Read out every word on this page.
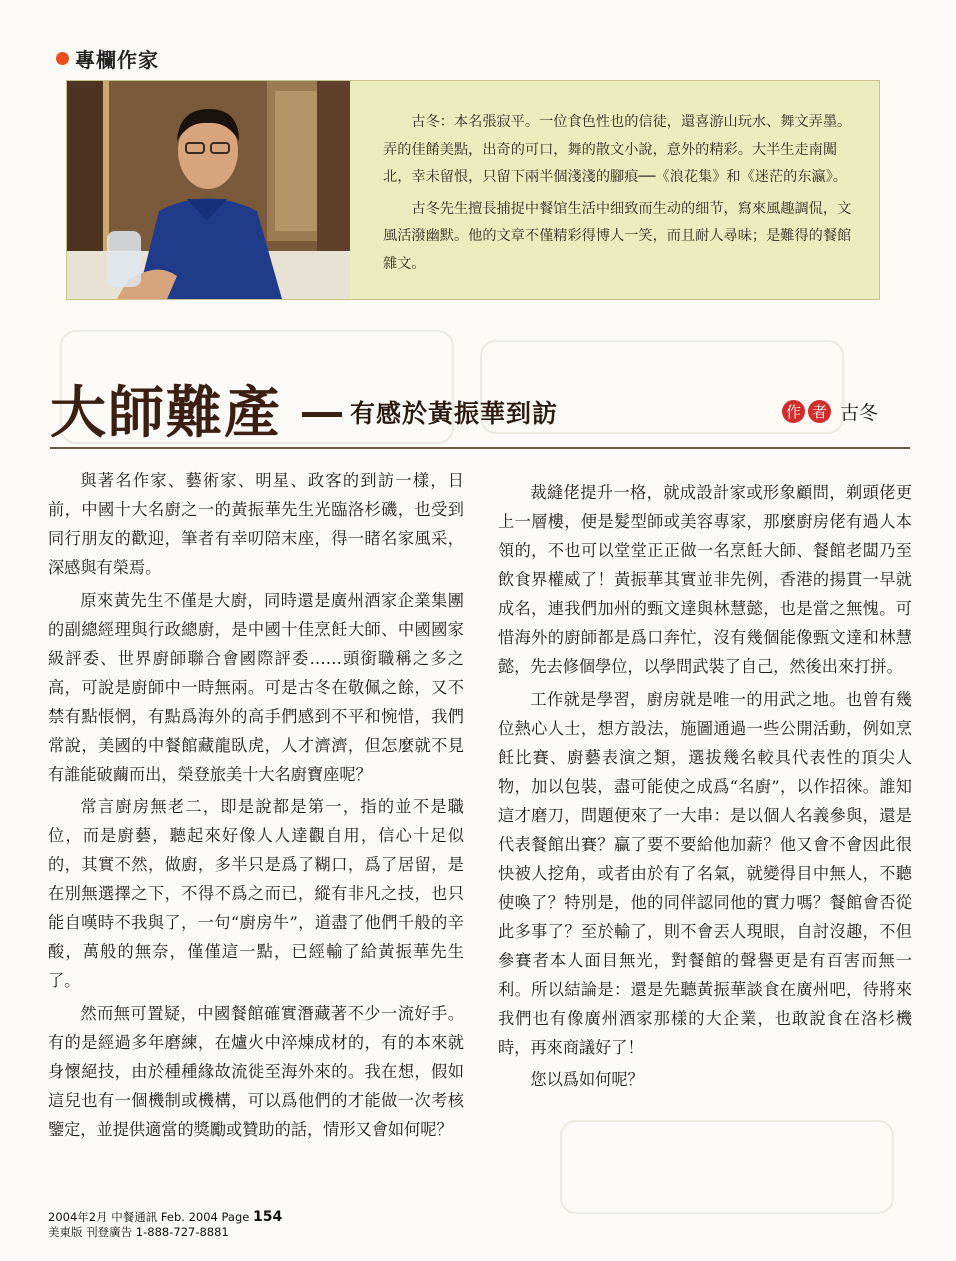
專欄作家

古冬：本名張寂平。一位食色性也的信徒，還喜游山玩水、舞文弄墨。弄的佳餚美點，出奇的可口，舞的散文小說，意外的精彩。大半生走南闖北，幸未留恨，只留下兩半個淺淺的腳痕──《浪花集》和《迷茫的东瀛》。

古冬先生擅長捕捉中餐馆生活中细致而生动的细节，寫來風趣調侃，文風活潑幽默。他的文章不僅精彩得博人一笑，而且耐人尋味；是難得的餐館雜文。

大師難產	有感於黃振華到訪	作 者 古冬

與著名作家、藝術家、明星、政客的到訪一樣，日前，中國十大名廚之一的黃振華先生光臨洛杉磯，也受到同行朋友的歡迎，筆者有幸叨陪末座，得一睹名家風采，深感與有榮焉。

原來黃先生不僅是大廚，同時還是廣州酒家企業集團的副總經理與行政總廚，是中國十佳烹飪大師、中國國家級評委、世界廚師聯合會國際評委……頭銜職稱之多之高，可說是廚師中一時無兩。可是古冬在敬佩之餘，又不禁有點悵惘，有點爲海外的高手們感到不平和惋惜，我們常說，美國的中餐館藏龍臥虎，人才濟濟，但怎麼就不見有誰能破繭而出，榮登旅美十大名廚寶座呢？

常言廚房無老二，即是說都是第一，指的並不是職位，而是廚藝，聽起來好像人人達觀自用，信心十足似的，其實不然，做廚，多半只是爲了糊口，爲了居留，是在別無選擇之下，不得不爲之而已，縱有非凡之技，也只能自嘆時不我與了，一句“廚房牛”，道盡了他們千般的辛酸，萬般的無奈，僅僅這一點，已經輸了給黃振華先生了。

然而無可置疑，中國餐館確實潛藏著不少一流好手。有的是經過多年磨練，在爐火中淬煉成材的，有的本來就身懷絕技，由於種種緣故流徙至海外來的。我在想，假如這兒也有一個機制或機構，可以爲他們的才能做一次考核鑒定，並提供適當的獎勵或贊助的話，情形又會如何呢？

裁縫佬提升一格，就成設計家或形象顧問，剃頭佬更上一層樓，便是髮型師或美容專家，那麼廚房佬有過人本領的，不也可以堂堂正正做一名烹飪大師、餐館老闆乃至飲食界權威了！黃振華其實並非先例，香港的揚貫一早就成名，連我們加州的甄文達與林慧懿，也是當之無愧。可惜海外的廚師都是爲口奔忙，沒有幾個能像甄文達和林慧懿，先去修個學位，以學問武裝了自己，然後出來打拼。

工作就是學習，廚房就是唯一的用武之地。也曾有幾位熱心人士，想方設法，施圖通過一些公開活動，例如烹飪比賽、廚藝表演之類，選拔幾名較具代表性的頂尖人物，加以包裝，盡可能使之成爲“名廚”，以作招徠。誰知這才磨刀，問題便來了一大串：是以個人名義參與，還是代表餐館出賽？贏了要不要給他加薪？他又會不會因此很快被人挖角，或者由於有了名氣，就變得目中無人，不聽使喚了？特別是，他的同伴認同他的實力嗎？餐館會否從此多事了？至於輸了，則不會丟人現眼，自討沒趣，不但參賽者本人面目無光，對餐館的聲譽更是有百害而無一利。所以結論是：還是先聽黃振華談食在廣州吧，待將來我們也有像廣州酒家那樣的大企業，也敢說食在洛杉機時，再來商議好了！

您以爲如何呢？

2004年2月 中餐通訊 Feb. 2004 Page 154
美東版 刊登廣告 1-888-727-8881
